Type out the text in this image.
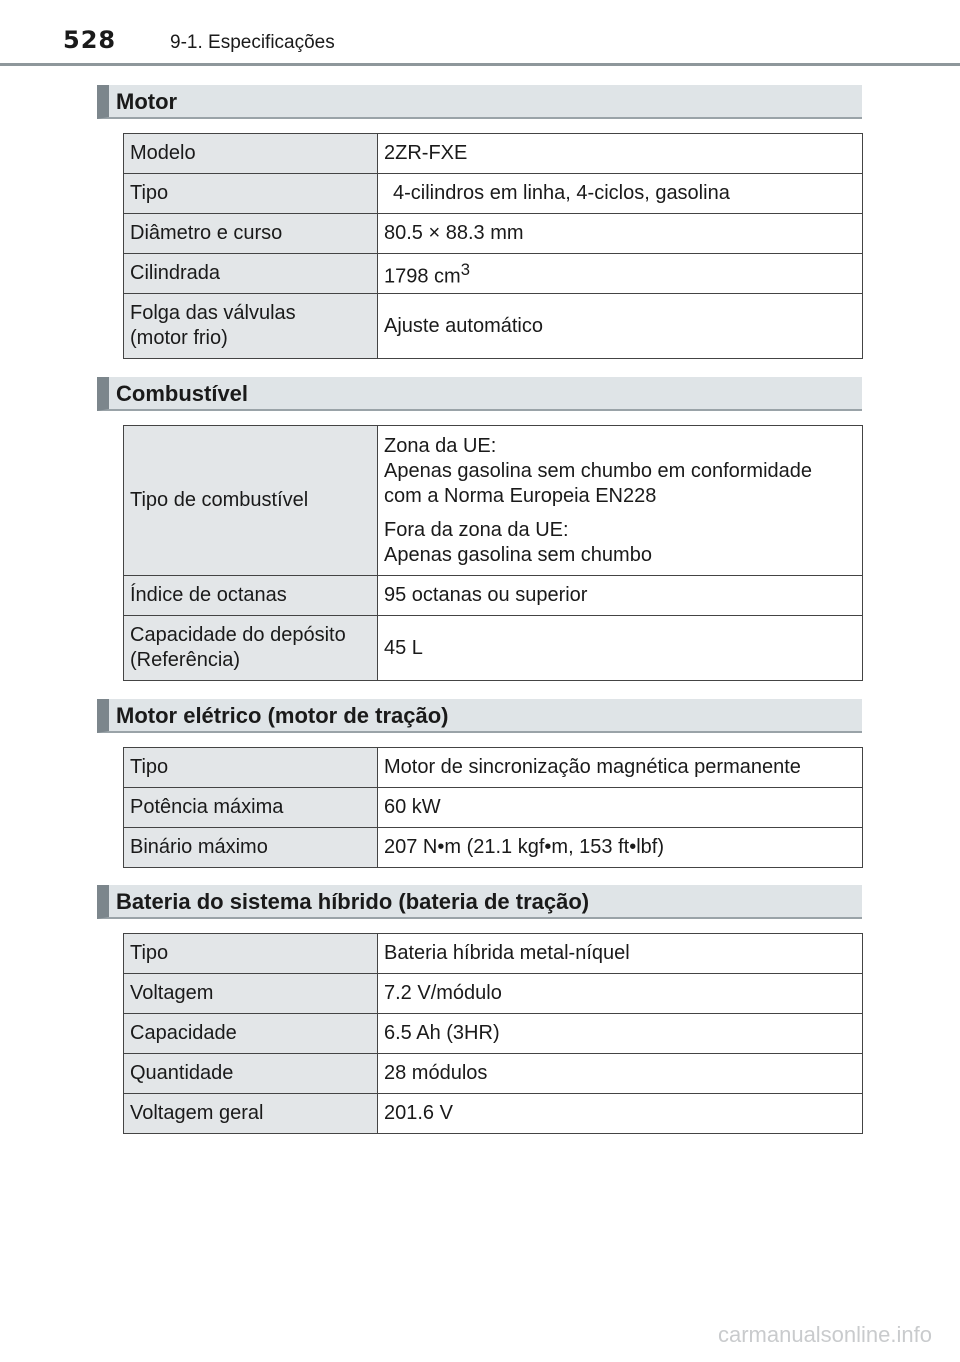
528	9-1. Especificações
Motor
Modelo	2ZR-FXE
Tipo	4-cilindros em linha, 4-ciclos, gasolina
Diâmetro e curso	80.5 × 88.3 mm
Cilindrada	1798 $cm^3$
Folga das válvulas
(motor frio)	Ajuste automático
Combustível
Tipo de combustível	Zona da UE:
Apenas gasolina sem chumbo em conformidade
com a Norma Europeia EN228

Fora da zona da UE:
Apenas gasolina sem chumbo

Índice de octanas	95 octanas ou superior
Capacidade do depósito
(Referência)	45 L
Motor elétrico (motor de tração)
Tipo	Motor de sincronização magnética permanente
Potência máxima	60 kW
Binário máximo	207 N•m (21.1 kgf•m, 153 ft•lbf)
Bateria do sistema híbrido (bateria de tração)
Tipo	Bateria híbrida metal-níquel
Voltagem	7.2 V/módulo
Capacidade	6.5 Ah (3HR)
Quantidade	28 módulos
Voltagem geral	201.6 V
carmanualsonline.info
